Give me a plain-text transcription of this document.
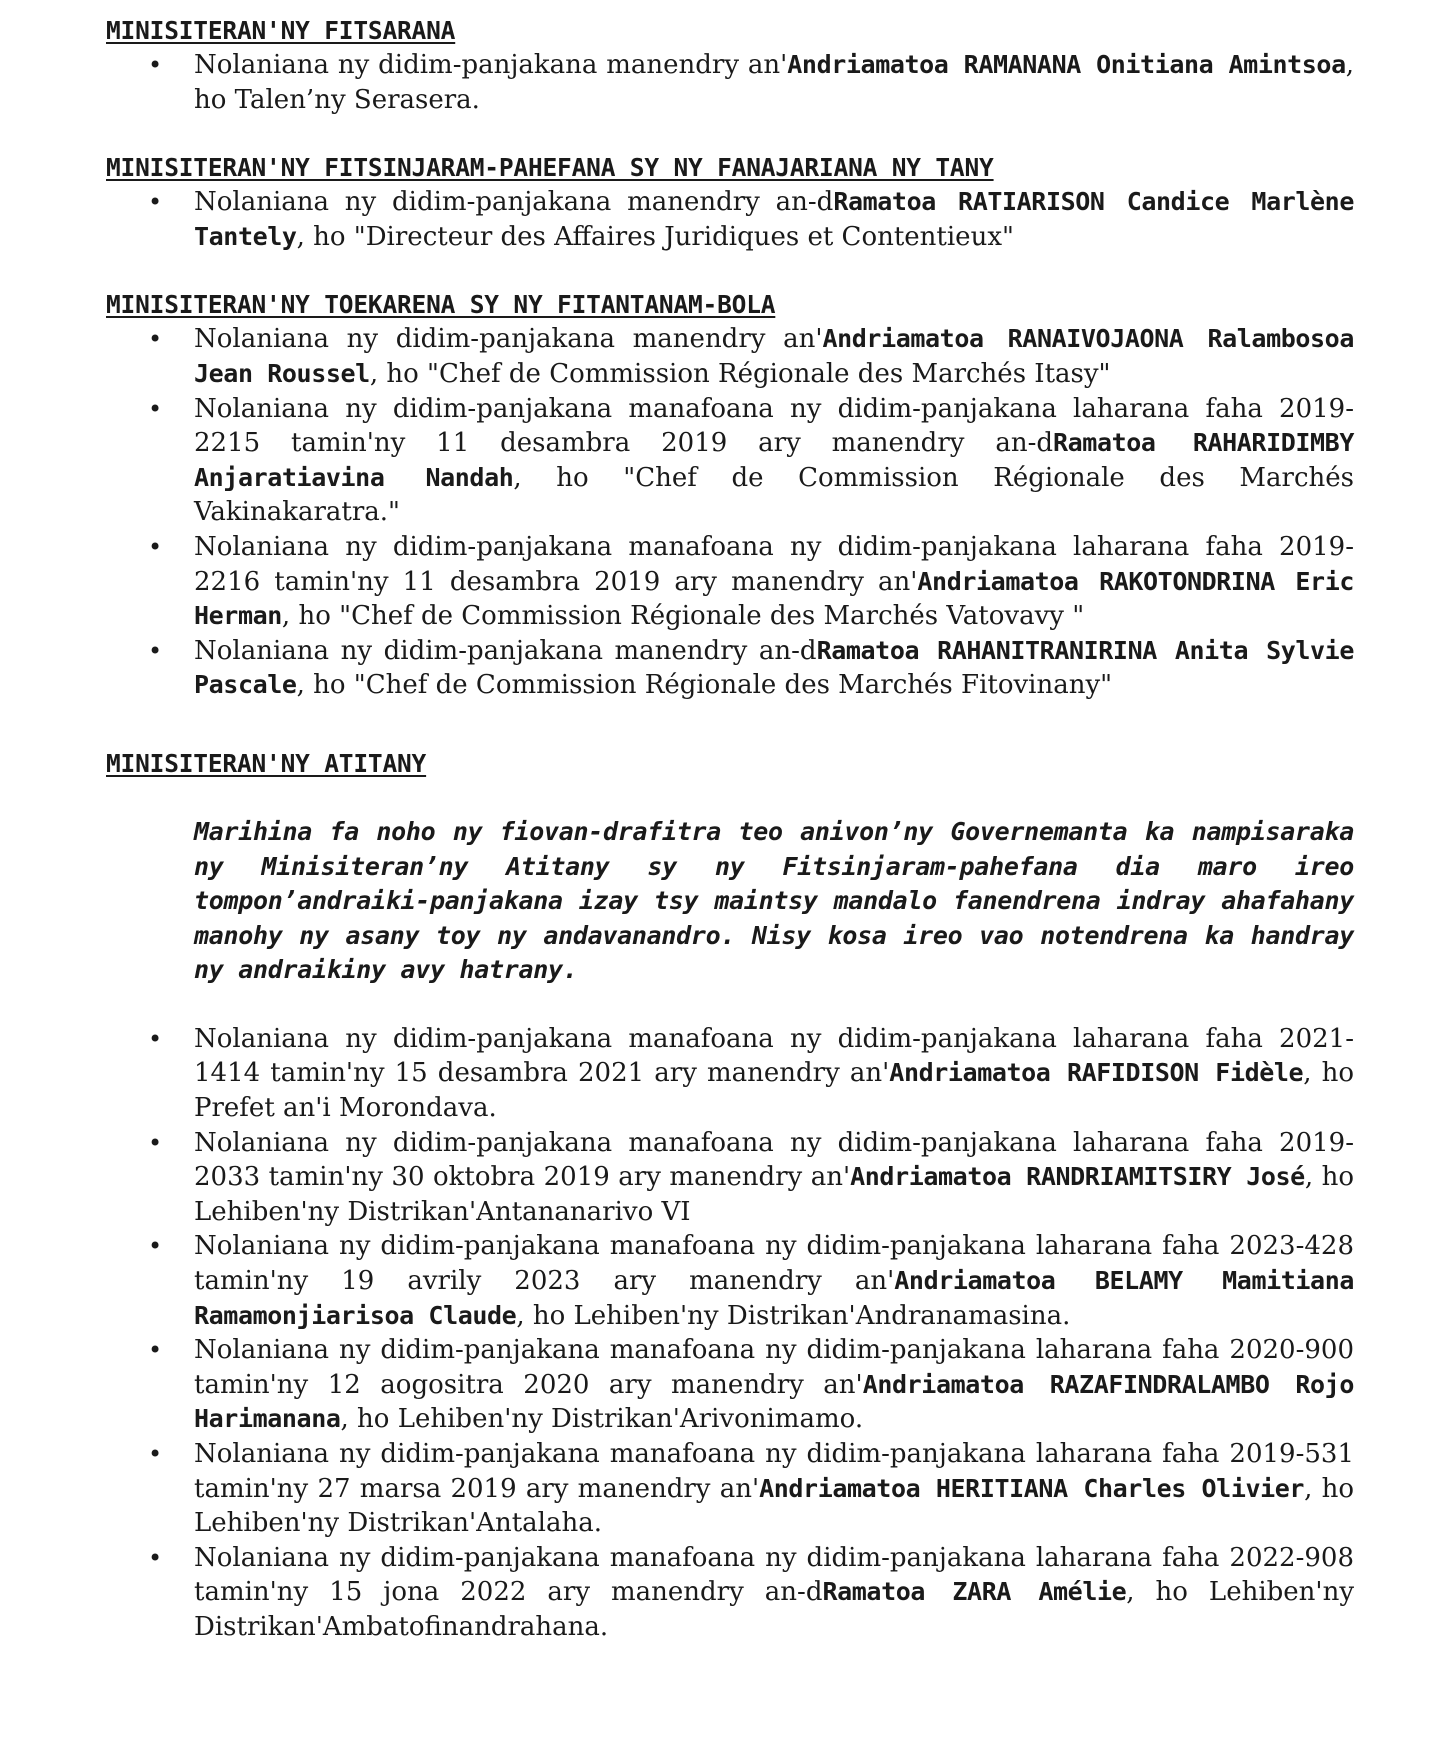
MINISITERAN'NY FITSARANA

• Nolaniana ny didim-panjakana manendry an'Andriamatoa RAMANANA Onitiana Amintsoa, ho Talen’ny Serasera.

MINISITERAN'NY FITSINJARAM-PAHEFANA SY NY FANAJARIANA NY TANY

• Nolaniana ny didim-panjakana manendry an-dRamatoa RATIARISON Candice Marlène Tantely, ho "Directeur des Affaires Juridiques et Contentieux"

MINISITERAN'NY TOEKARENA SY NY FITANTANAM-BOLA

• Nolaniana ny didim-panjakana manendry an'Andriamatoa RANAIVOJAONA Ralambosoa Jean Roussel, ho "Chef de Commission Régionale des Marchés Itasy"
• Nolaniana ny didim-panjakana manafoana ny didim-panjakana laharana faha 2019-2215 tamin'ny 11 desambra 2019 ary manendry an-dRamatoa RAHARIDIMBY Anjaratiavina Nandah, ho "Chef de Commission Régionale des Marchés Vakinakaratra."
• Nolaniana ny didim-panjakana manafoana ny didim-panjakana laharana faha 2019-2216 tamin'ny 11 desambra 2019 ary manendry an'Andriamatoa RAKOTONDRINA Eric Herman, ho "Chef de Commission Régionale des Marchés Vatovavy "
• Nolaniana ny didim-panjakana manendry an-dRamatoa RAHANITRANIRINA Anita Sylvie Pascale, ho "Chef de Commission Régionale des Marchés Fitovinany"

MINISITERAN'NY ATITANY

Marihina fa noho ny fiovan-drafitra teo anivon’ny Governemanta ka nampisaraka ny Minisiteran’ny Atitany sy ny Fitsinjaram-pahefana dia maro ireo tompon’andraiki-panjakana izay tsy maintsy mandalo fanendrena indray ahafahany manohy ny asany toy ny andavanandro. Nisy kosa ireo vao notendrena ka handray ny andraikiny avy hatrany.

• Nolaniana ny didim-panjakana manafoana ny didim-panjakana laharana faha 2021-1414 tamin'ny 15 desambra 2021 ary manendry an'Andriamatoa RAFIDISON Fidèle, ho Prefet an'i Morondava.
• Nolaniana ny didim-panjakana manafoana ny didim-panjakana laharana faha 2019-2033 tamin'ny 30 oktobra 2019 ary manendry an'Andriamatoa RANDRIAMITSIRY José, ho Lehiben'ny Distrikan'Antananarivo VI
• Nolaniana ny didim-panjakana manafoana ny didim-panjakana laharana faha 2023-428 tamin'ny 19 avrily 2023 ary manendry an'Andriamatoa BELAMY Mamitiana Ramamonjiarisoa Claude, ho Lehiben'ny Distrikan'Andranamasina.
• Nolaniana ny didim-panjakana manafoana ny didim-panjakana laharana faha 2020-900 tamin'ny 12 aogositra 2020 ary manendry an'Andriamatoa RAZAFINDRALAMBO Rojo Harimanana, ho Lehiben'ny Distrikan'Arivonimamo.
• Nolaniana ny didim-panjakana manafoana ny didim-panjakana laharana faha 2019-531 tamin'ny 27 marsa 2019 ary manendry an'Andriamatoa HERITIANA Charles Olivier, ho Lehiben'ny Distrikan'Antalaha.
• Nolaniana ny didim-panjakana manafoana ny didim-panjakana laharana faha 2022-908 tamin'ny 15 jona 2022 ary manendry an-dRamatoa ZARA Amélie, ho Lehiben'ny Distrikan'Ambatofinandrahana.
